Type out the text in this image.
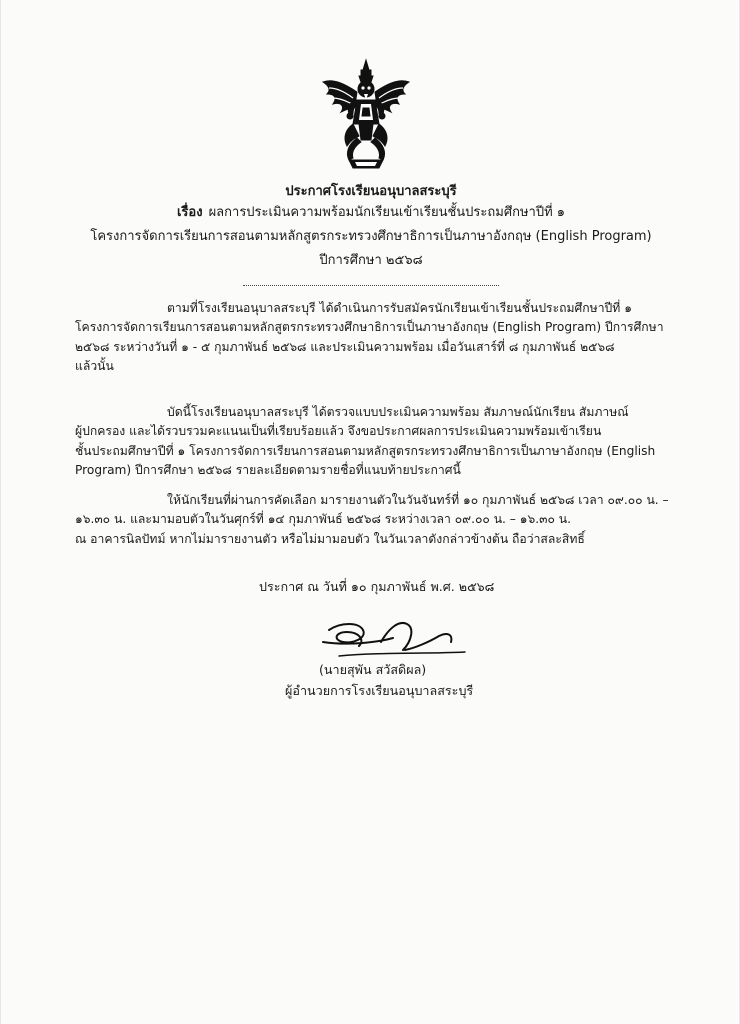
ประกาศโรงเรียนอนุบาลสระบุรี
เรื่อง ผลการประเมินความพร้อมนักเรียนเข้าเรียนชั้นประถมศึกษาปีที่ ๑
โครงการจัดการเรียนการสอนตามหลักสูตรกระทรวงศึกษาธิการเป็นภาษาอังกฤษ (English Program)
ปีการศึกษา ๒๕๖๘
ตามที่โรงเรียนอนุบาลสระบุรี ได้ดำเนินการรับสมัครนักเรียนเข้าเรียนชั้นประถมศึกษาปีที่ ๑
โครงการจัดการเรียนการสอนตามหลักสูตรกระทรวงศึกษาธิการเป็นภาษาอังกฤษ (English Program) ปีการศึกษา
๒๕๖๘ ระหว่างวันที่ ๑ - ๕ กุมภาพันธ์ ๒๕๖๘ และประเมินความพร้อม เมื่อวันเสาร์ที่ ๘ กุมภาพันธ์ ๒๕๖๘
แล้วนั้น
บัดนี้โรงเรียนอนุบาลสระบุรี ได้ตรวจแบบประเมินความพร้อม สัมภาษณ์นักเรียน สัมภาษณ์
ผู้ปกครอง และได้รวบรวมคะแนนเป็นที่เรียบร้อยแล้ว จึงขอประกาศผลการประเมินความพร้อมเข้าเรียน
ชั้นประถมศึกษาปีที่ ๑ โครงการจัดการเรียนการสอนตามหลักสูตรกระทรวงศึกษาธิการเป็นภาษาอังกฤษ (English
Program) ปีการศึกษา ๒๕๖๘ รายละเอียดตามรายชื่อที่แนบท้ายประกาศนี้
ให้นักเรียนที่ผ่านการคัดเลือก มารายงานตัวในวันจันทร์ที่ ๑๐ กุมภาพันธ์ ๒๕๖๘ เวลา ๐๙.๐๐ น. –
๑๖.๓๐ น. และมามอบตัวในวันศุกร์ที่ ๑๔ กุมภาพันธ์ ๒๕๖๘ ระหว่างเวลา ๐๙.๐๐ น. – ๑๖.๓๐ น.
ณ อาคารนิลปัทม์ หากไม่มารายงานตัว หรือไม่มามอบตัว ในวันเวลาดังกล่าวข้างต้น ถือว่าสละสิทธิ์
ประกาศ ณ วันที่ ๑๐ กุมภาพันธ์ พ.ศ. ๒๕๖๘
(นายสุพัน สวัสดิผล)
ผู้อำนวยการโรงเรียนอนุบาลสระบุรี
